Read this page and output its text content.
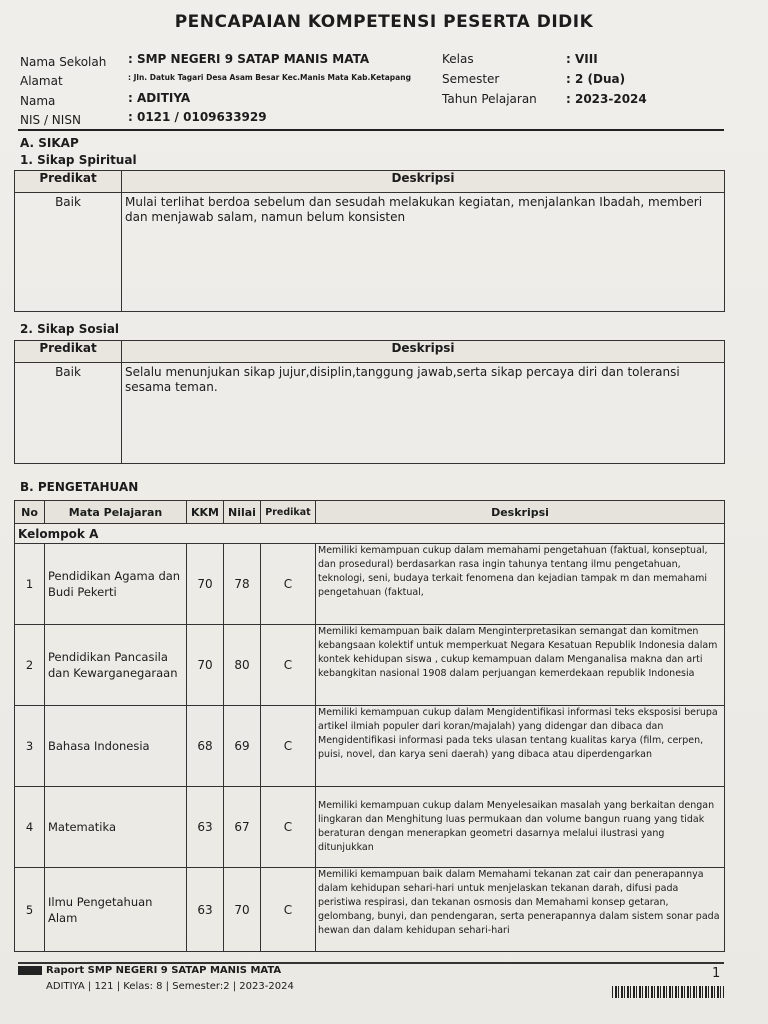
PENCAPAIAN KOMPETENSI PESERTA DIDIK
Nama Sekolah : SMP NEGERI 9 SATAP MANIS MATA
Alamat	: Jln. Datuk Tagari Desa Asam Besar Kec.Manis Mata Kab.Ketapang
Nama	: ADITIYA
NIS / NISN	: 0121 / 0109633929
Kelas	: VIII
Semester	: 2 (Dua)
Tahun Pelajaran : 2023-2024
A. SIKAP
1. Sikap Spiritual
Predikat	Deskripsi
Baik	Mulai terlihat berdoa sebelum dan sesudah melakukan kegiatan, menjalankan Ibadah, memberi dan menjawab salam, namun belum konsisten
2. Sikap Sosial
Predikat	Deskripsi
Baik	Selalu menunjukan sikap jujur,disiplin,tanggung jawab,serta sikap percaya diri dan toleransi sesama teman.
B. PENGETAHUAN
No	Mata Pelajaran	KKM	Nilai	Predikat	Deskripsi
Kelompok A					
1	Pendidikan Agama dan Budi Pekerti	70	78	C	Memiliki kemampuan cukup dalam memahami pengetahuan (faktual, konseptual, dan prosedural) berdasarkan rasa ingin tahunya tentang ilmu pengetahuan, teknologi, seni, budaya terkait fenomena dan kejadian tampak m dan memahami pengetahuan (faktual,
2	Pendidikan Pancasila dan Kewarganegaraan	70	80	C	Memiliki kemampuan baik dalam Menginterpretasikan semangat dan komitmen kebangsaan kolektif untuk memperkuat Negara Kesatuan Republik Indonesia dalam kontek kehidupan siswa , cukup kemampuan dalam Menganalisa makna dan arti kebangkitan nasional 1908 dalam perjuangan kemerdekaan republik Indonesia
3	Bahasa Indonesia	68	69	C	Memiliki kemampuan cukup dalam Mengidentifikasi informasi teks eksposisi berupa artikel ilmiah populer dari koran/majalah) yang didengar dan dibaca dan Mengidentifikasi informasi pada teks ulasan tentang kualitas karya (film, cerpen, puisi, novel, dan karya seni daerah) yang dibaca atau diperdengarkan
4	Matematika	63	67	C	Memiliki kemampuan cukup dalam Menyelesaikan masalah yang berkaitan dengan lingkaran dan Menghitung luas permukaan dan volume bangun ruang yang tidak beraturan dengan menerapkan geometri dasarnya melalui ilustrasi yang ditunjukkan
5	Ilmu Pengetahuan Alam	63	70	C	Memiliki kemampuan baik dalam Memahami tekanan zat cair dan penerapannya dalam kehidupan sehari-hari untuk menjelaskan tekanan darah, difusi pada peristiwa respirasi, dan tekanan osmosis dan Memahami konsep getaran, gelombang, bunyi, dan pendengaran, serta penerapannya dalam sistem sonar pada hewan dan dalam kehidupan sehari-hari
Raport SMP NEGERI 9 SATAP MANIS MATA
ADITIYA | 121 | Kelas: 8 | Semester:2 | 2023-2024
1
